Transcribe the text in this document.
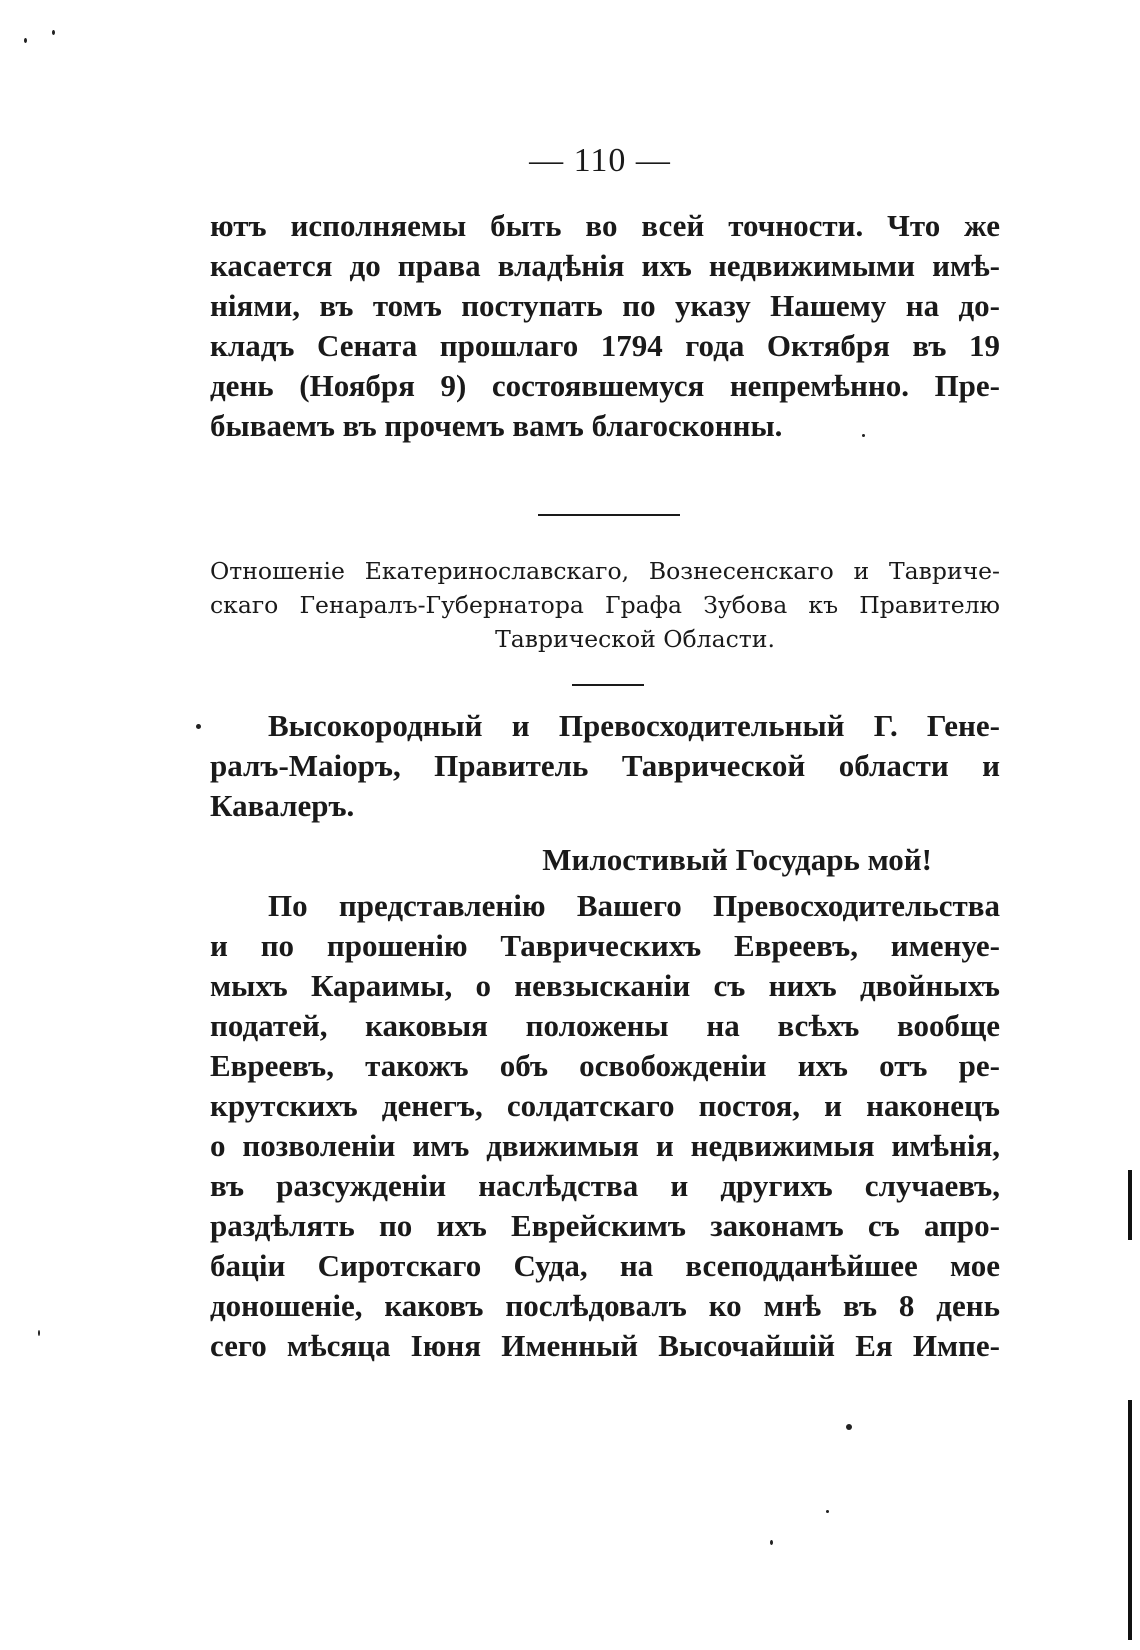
— 110 —
ютъ исполняемы быть во всей точности. Что же
касается до права владѣнія ихъ недвижимыми имѣ-
ніями, въ томъ поступать по указу Нашему на до-
кладъ Сената прошлаго 1794 года Октября въ 19
день (Ноября 9) состоявшемуся непремѣнно. Пре-
бываемъ въ прочемъ вамъ благосконны.
Отношеніе Екатеринославскаго, Вознесенскаго и Тавриче-
скаго Генаралъ-Губернатора Графа Зубова къ Правителю
Таврической Области.
Высокородный и Превосходительный Г. Гене-
ралъ-Маіоръ, Правитель Таврической области и
Кавалеръ.
Милостивый Государь мой!
По представленію Вашего Превосходительства
и по прошенію Таврическихъ Евреевъ, именуе-
мыхъ Караимы, о невзысканіи съ нихъ двойныхъ
податей, каковыя положены на всѣхъ вообще
Евреевъ, такожъ объ освобожденіи ихъ отъ ре-
крутскихъ денегъ, солдатскаго постоя, и наконецъ
о позволеніи имъ движимыя и недвижимыя имѣнія,
въ разсужденіи наслѣдства и другихъ случаевъ,
раздѣлять по ихъ Еврейскимъ законамъ съ апро-
баціи Сиротскаго Суда, на всеподданѣйшее мое
доношеніе, каковъ послѣдовалъ ко мнѣ въ 8 день
сего мѣсяца Іюня Именный Высочайшій Ея Импе-
